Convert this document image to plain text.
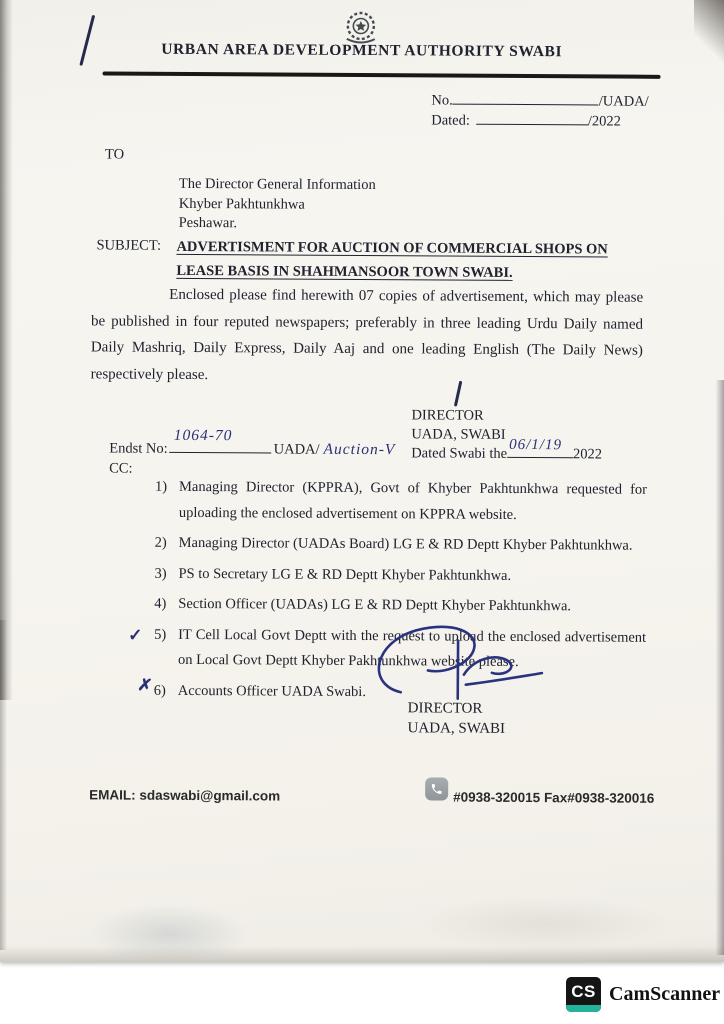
URBAN AREA DEVELOPMENT AUTHORITY SWABI
No.	/UADA/
Dated:	/2022
TO
The Director General Information
Khyber Pakhtunkhwa
Peshawar.
SUBJECT: ADVERTISMENT FOR AUCTION OF COMMERCIAL SHOPS ON
LEASE BASIS IN SHAHMANSOOR TOWN SWABI.
Enclosed please find herewith 07 copies of advertisement, which may please be published in four reputed newspapers; preferably in three leading Urdu Daily named Daily Mashriq, Daily Express, Daily Aaj and one leading English (The Daily News) respectively please.
DIRECTOR
UADA, SWABI
Dated Swabi the
06/1/19
2022
Endst No:
1064-70
UADA/ Auction-V
CC:
1) Managing Director (KPPRA), Govt of Khyber Pakhtunkhwa requested for uploading the enclosed advertisement on KPPRA website.
2) Managing Director (UADAs Board) LG E & RD Deptt Khyber Pakhtunkhwa.
3) PS to Secretary LG E & RD Deptt Khyber Pakhtunkhwa.
4) Section Officer (UADAs) LG E & RD Deptt Khyber Pakhtunkhwa.
✓ 5) IT Cell Local Govt Deptt with the request to upload the enclosed advertisement on Local Govt Deptt Khyber Pakhtunkhwa website please.
✗ 6) Accounts Officer UADA Swabi.
DIRECTOR
UADA, SWABI
EMAIL: sdaswabi@gmail.com	#0938-320015 Fax#0938-320016
CS CamScanner
